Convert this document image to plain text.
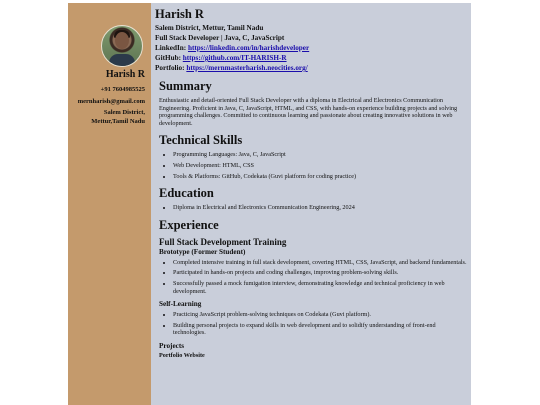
Harish R
+91 7604985525
mernharish@gmail.com
Salem District,
Mettur,Tamil Nadu
Harish R
Salem District, Mettur, Tamil Nadu
Full Stack Developer | Java, C, JavaScript
LinkedIn: https://linkedin.com/in/harishdeveloper
GitHub: https://github.com/IT-HARISH-R
Portfolio: https://mernmasterharish.neocities.org/
Summary

Enthusiastic and detail-oriented Full Stack Developer with a diploma in Electrical and Electronics Communication Engineering. Proficient in Java, C, JavaScript, HTML, and CSS, with hands-on experience building projects and solving programming challenges. Committed to continuous learning and passionate about creating innovative solutions in web development.

Technical Skills
• Programming Languages: Java, C, JavaScript
• Web Development: HTML, CSS
• Tools & Platforms: GitHub, Codekata (Guvi platform for coding practice)
Education
• Diploma in Electrical and Electronics Communication Engineering, 2024
Experience
Full Stack Development Training
Brototype (Former Student)
• Completed intensive training in full stack development, covering HTML, CSS, JavaScript, and backend fundamentals.
• Participated in hands-on projects and coding challenges, improving problem-solving skills.
• Successfully passed a mock fumigation interview, demonstrating knowledge and technical proficiency in web development.
Self-Learning
• Practicing JavaScript problem-solving techniques on Codekata (Guvi platform).
• Building personal projects to expand skills in web development and to solidify understanding of front-end technologies.
Projects
Portfolio Website
